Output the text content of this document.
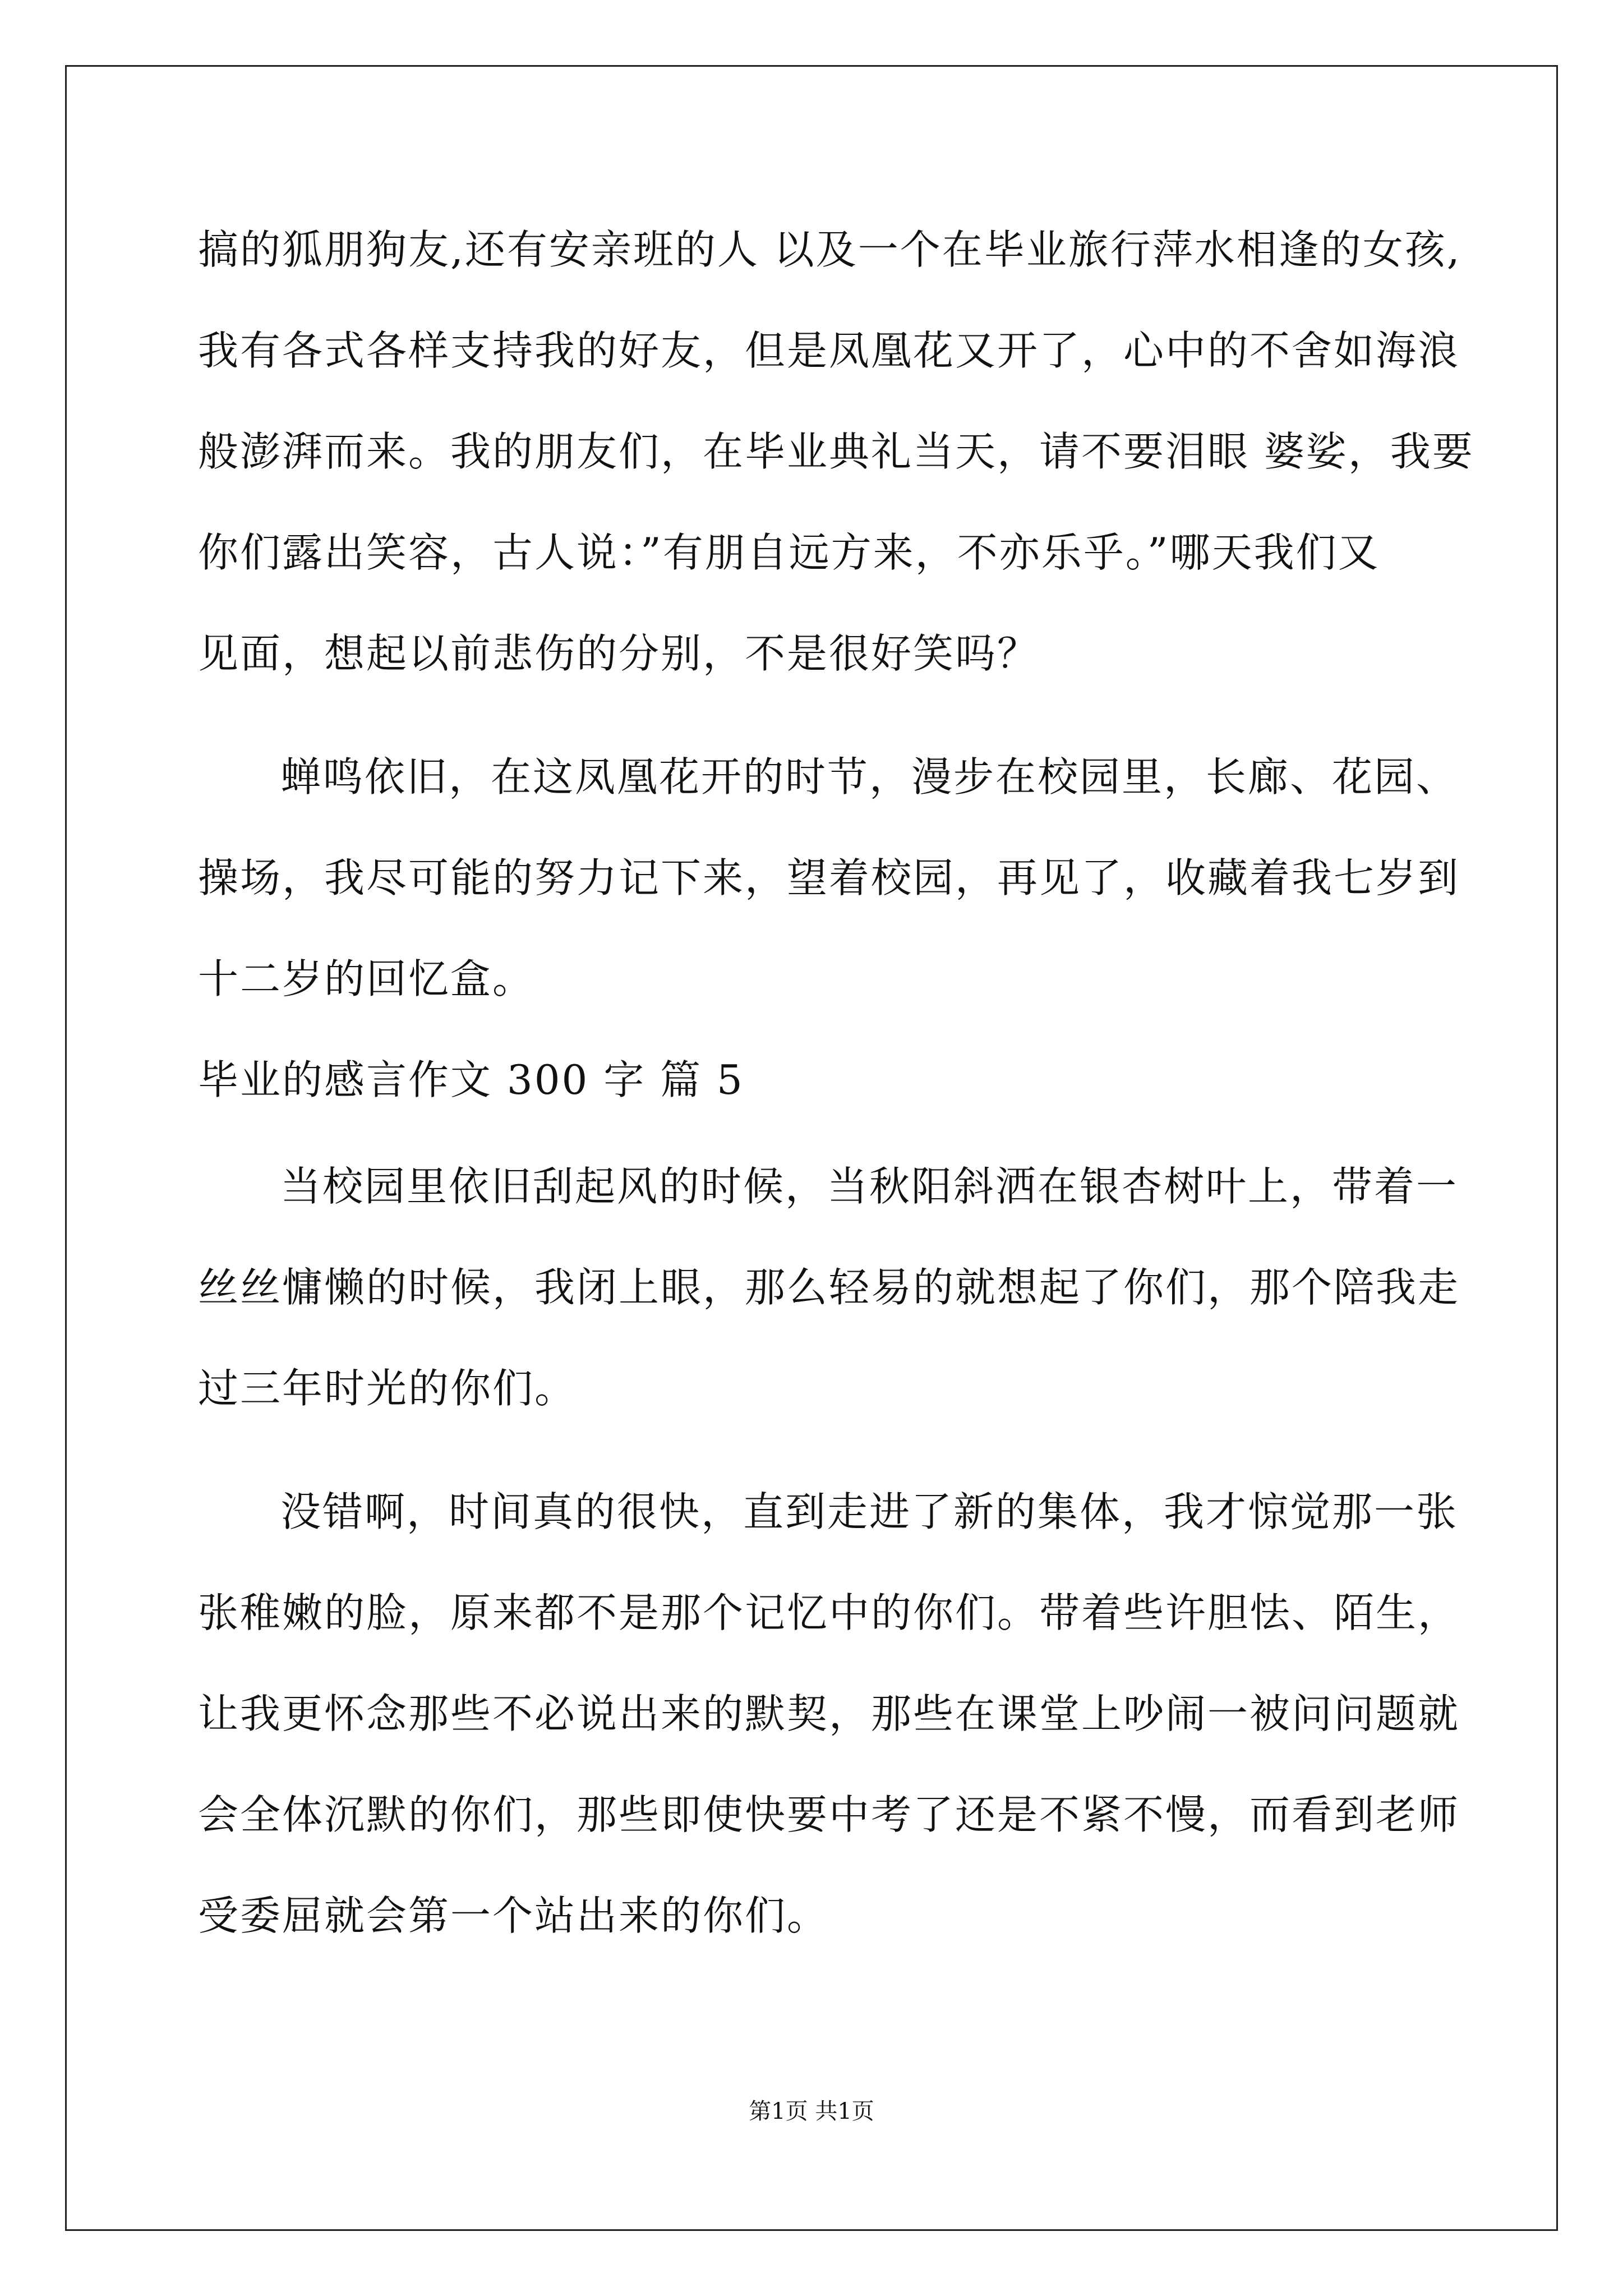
搞的狐朋狗友,还有安亲班的人 以及一个在毕业旅行萍水相逢的女孩,
我有各式各样支持我的好友，但是凤凰花又开了，心中的不舍如海浪
般澎湃而来。我的朋友们，在毕业典礼当天，请不要泪眼 婆娑，我要
你们露出笑容，古人说：”有朋自远方来，不亦乐乎。”哪天我们又
见面，想起以前悲伤的分别，不是很好笑吗？
蝉鸣依旧，在这凤凰花开的时节，漫步在校园里，长廊、花园、
操场，我尽可能的努力记下来，望着校园，再见了，收藏着我七岁到
十二岁的回忆盒。
毕业的感言作文 300 字 篇 5
当校园里依旧刮起风的时候，当秋阳斜洒在银杏树叶上，带着一
丝丝慵懒的时候，我闭上眼，那么轻易的就想起了你们，那个陪我走
过三年时光的你们。
没错啊，时间真的很快，直到走进了新的集体，我才惊觉那一张
张稚嫩的脸，原来都不是那个记忆中的你们。带着些许胆怯、陌生，
让我更怀念那些不必说出来的默契，那些在课堂上吵闹一被问问题就
会全体沉默的你们，那些即使快要中考了还是不紧不慢，而看到老师
受委屈就会第一个站出来的你们。
第1页 共1页
